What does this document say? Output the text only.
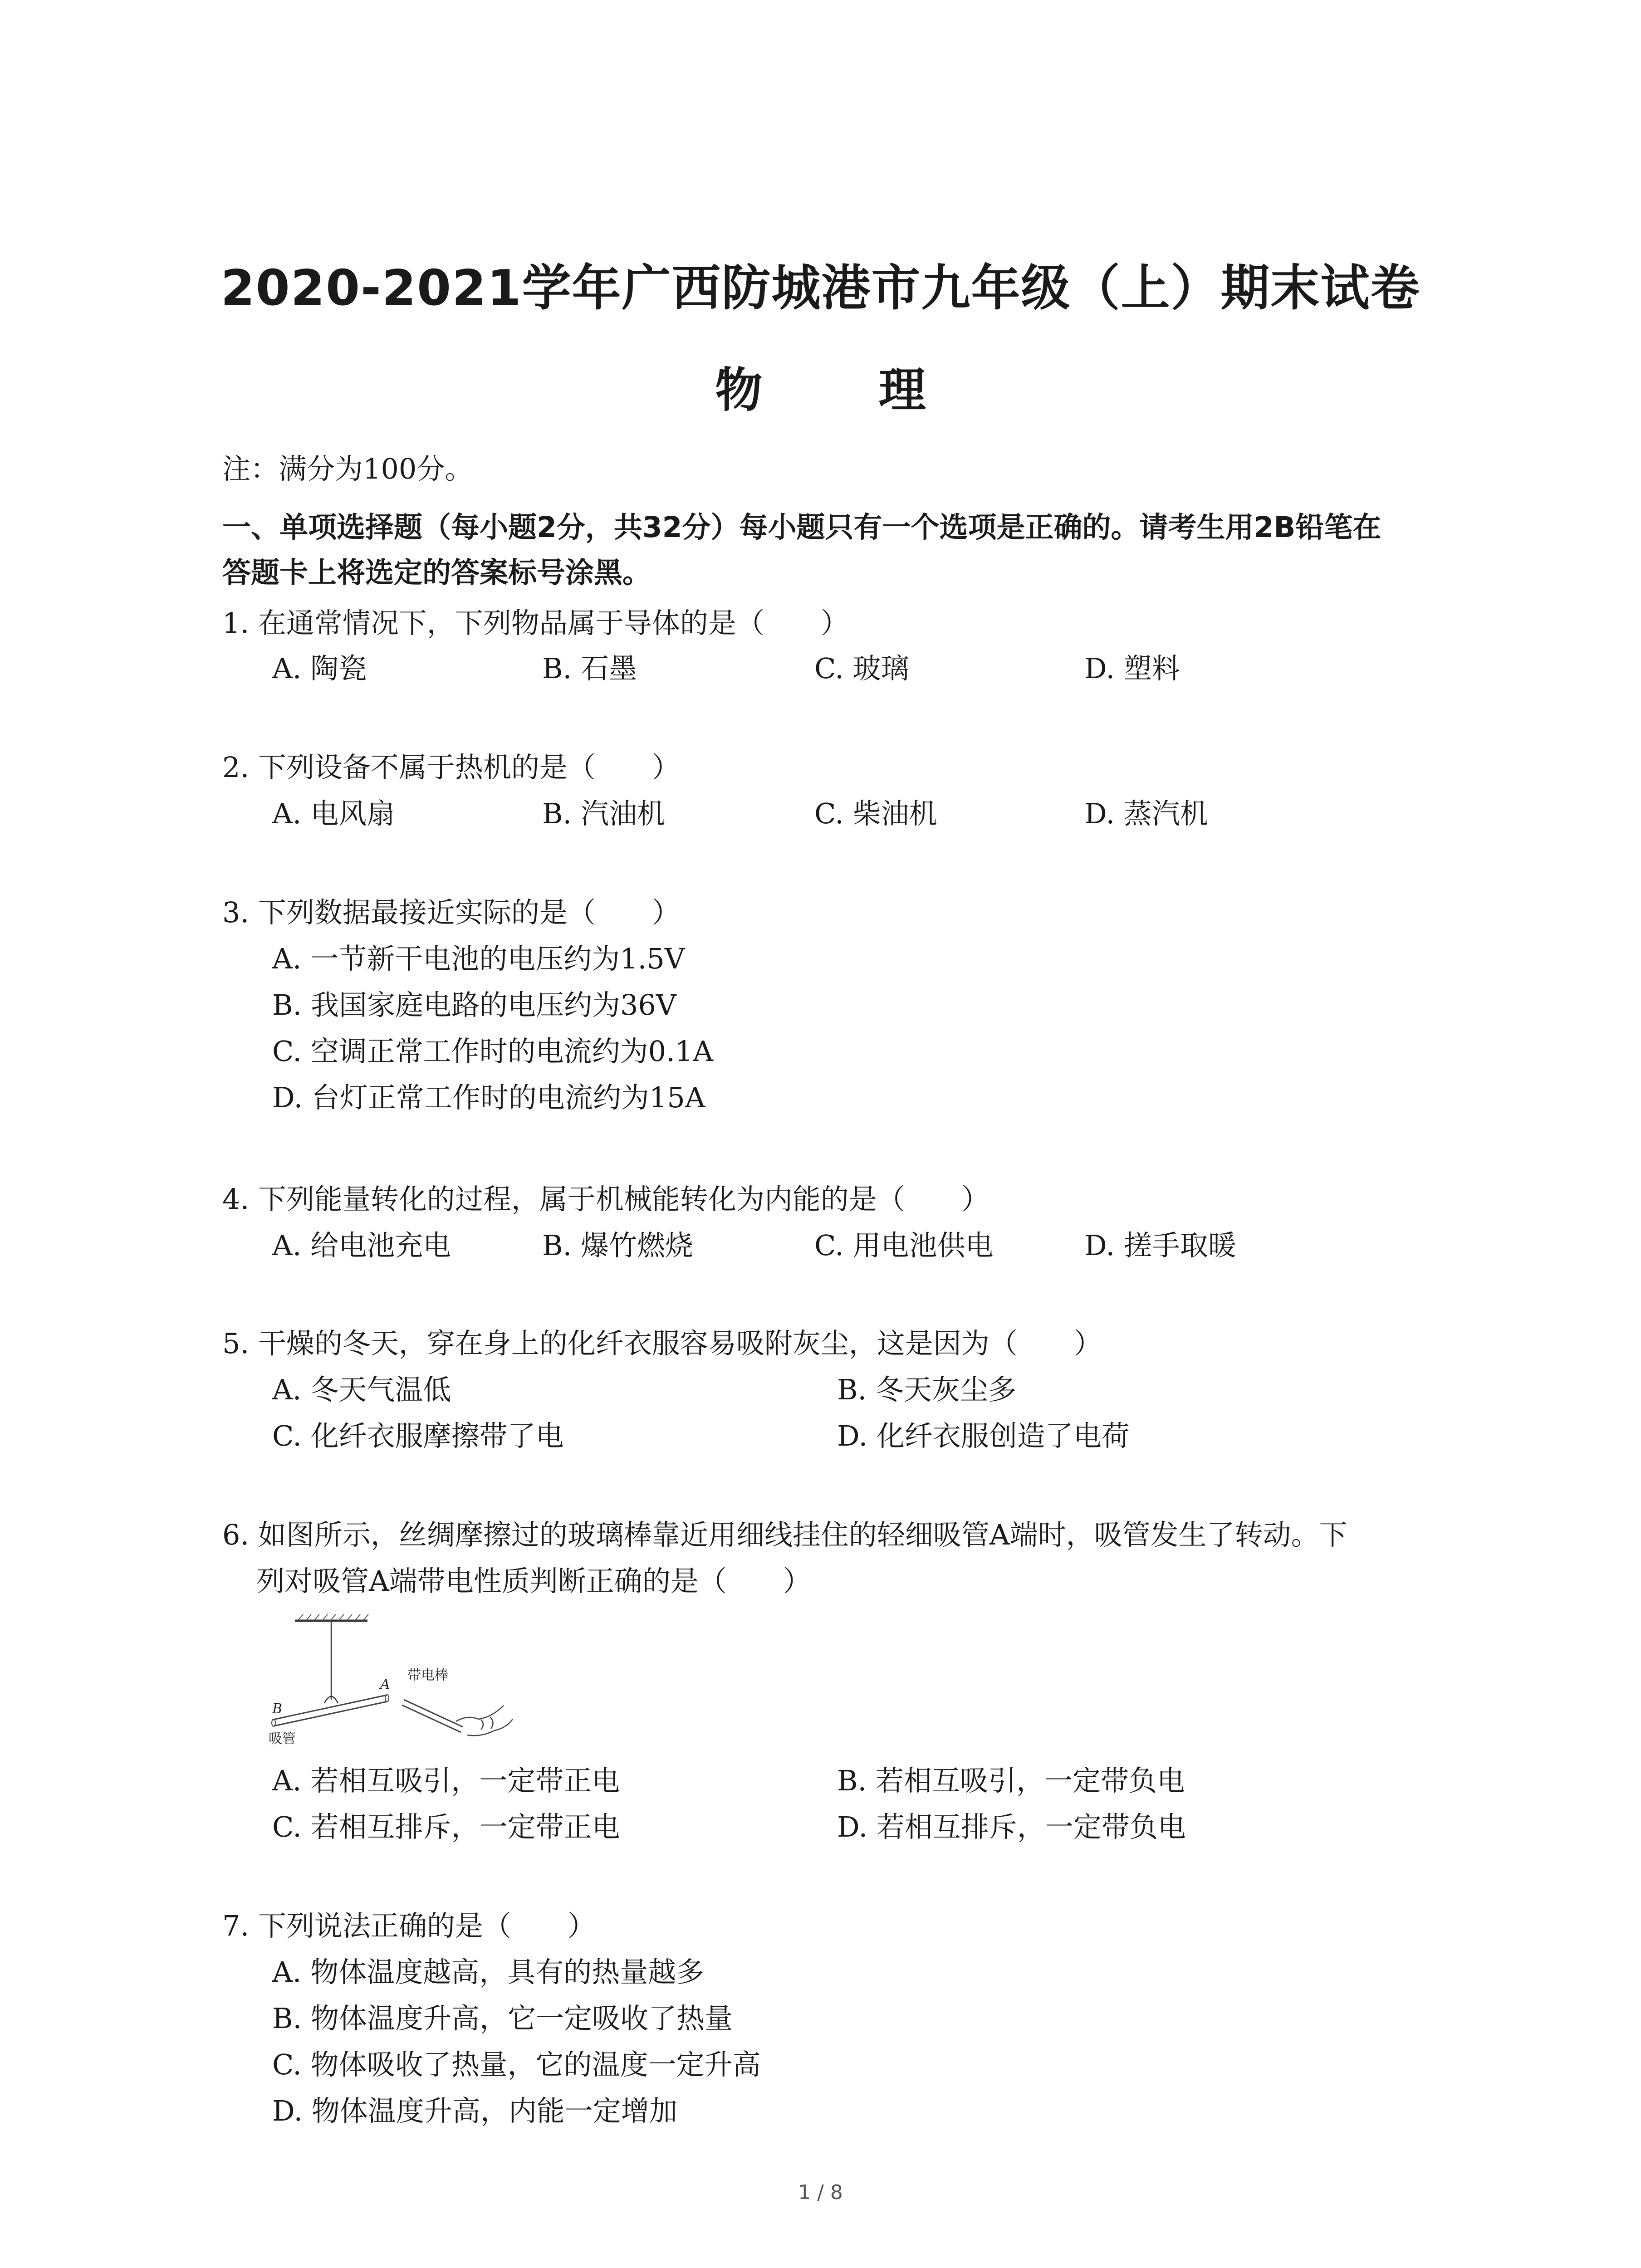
2020-2021学年广西防城港市九年级（上）期末试卷
物 理
注：满分为100分。
一、单项选择题（每小题2分，共32分）每小题只有一个选项是正确的。请考生用2B铅笔在
答题卡上将选定的答案标号涂黑。
1. 在通常情况下，下列物品属于导体的是（　　）
A. 陶瓷	B. 石墨	C. 玻璃	D. 塑料
2. 下列设备不属于热机的是（　　）
A. 电风扇	B. 汽油机	C. 柴油机	D. 蒸汽机
3. 下列数据最接近实际的是（　　）
A. 一节新干电池的电压约为1.5V
B. 我国家庭电路的电压约为36V
C. 空调正常工作时的电流约为0.1A
D. 台灯正常工作时的电流约为15A
4. 下列能量转化的过程，属于机械能转化为内能的是（　　）
A. 给电池充电	B. 爆竹燃烧	C. 用电池供电	D. 搓手取暖
5. 干燥的冬天，穿在身上的化纤衣服容易吸附灰尘，这是因为（　　）
A. 冬天气温低	B. 冬天灰尘多
C. 化纤衣服摩擦带了电	D. 化纤衣服创造了电荷
6. 如图所示，丝绸摩擦过的玻璃棒靠近用细线挂住的轻细吸管A端时，吸管发生了转动。下
列对吸管A端带电性质判断正确的是（　　）
A
B
带电棒
吸管
A. 若相互吸引，一定带正电	B. 若相互吸引，一定带负电
C. 若相互排斥，一定带正电	D. 若相互排斥，一定带负电
7. 下列说法正确的是（　　）
A. 物体温度越高，具有的热量越多
B. 物体温度升高，它一定吸收了热量
C. 物体吸收了热量，它的温度一定升高
D. 物体温度升高，内能一定增加
1 / 8
